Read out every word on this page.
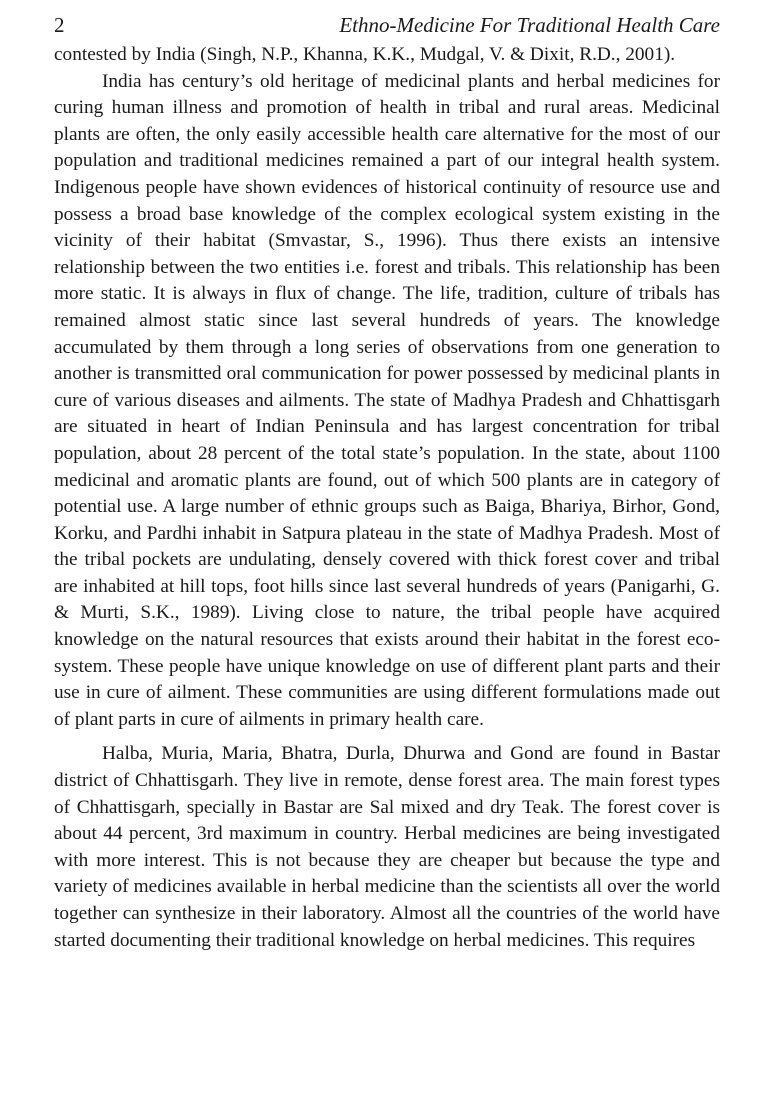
2	Ethno-Medicine For Traditional Health Care

contested by India (Singh, N.P., Khanna, K.K., Mudgal, V. & Dixit, R.D., 2001).

India has century’s old heritage of medicinal plants and herbal medicines for curing human illness and promotion of health in tribal and rural areas. Medicinal plants are often, the only easily accessible health care alternative for the most of our population and traditional medicines remained a part of our integral health system. Indigenous people have shown evidences of historical continuity of resource use and possess a broad base knowledge of the complex ecological system existing in the vicinity of their habitat (Smvastar, S., 1996). Thus there exists an intensive relationship between the two entities i.e. forest and tribals. This relationship has been more static. It is always in flux of change. The life, tradition, culture of tribals has remained almost static since last several hundreds of years. The knowledge accumulated by them through a long series of observations from one generation to another is transmitted oral communication for power possessed by medicinal plants in cure of various diseases and ailments. The state of Madhya Pradesh and Chhattisgarh are situated in heart of Indian Peninsula and has largest concentration for tribal population, about 28 percent of the total state’s population. In the state, about 1100 medicinal and aromatic plants are found, out of which 500 plants are in category of potential use. A large number of ethnic groups such as Baiga, Bhariya, Birhor, Gond, Korku, and Pardhi inhabit in Satpura plateau in the state of Madhya Pradesh. Most of the tribal pockets are undulating, densely covered with thick forest cover and tribal are inhabited at hill tops, foot hills since last several hundreds of years (Panigarhi, G. & Murti, S.K., 1989). Living close to nature, the tribal people have acquired knowledge on the natural resources that exists around their habitat in the forest eco-system. These people have unique knowledge on use of different plant parts and their use in cure of ailment. These communities are using different formulations made out of plant parts in cure of ailments in primary health care.

Halba, Muria, Maria, Bhatra, Durla, Dhurwa and Gond are found in Bastar district of Chhattisgarh. They live in remote, dense forest area. The main forest types of Chhattisgarh, specially in Bastar are Sal mixed and dry Teak. The forest cover is about 44 percent, 3rd maximum in country. Herbal medicines are being investigated with more interest. This is not because they are cheaper but because the type and variety of medicines available in herbal medicine than the scientists all over the world together can synthesize in their laboratory. Almost all the countries of the world have started documenting their traditional knowledge on herbal medicines. This requires
